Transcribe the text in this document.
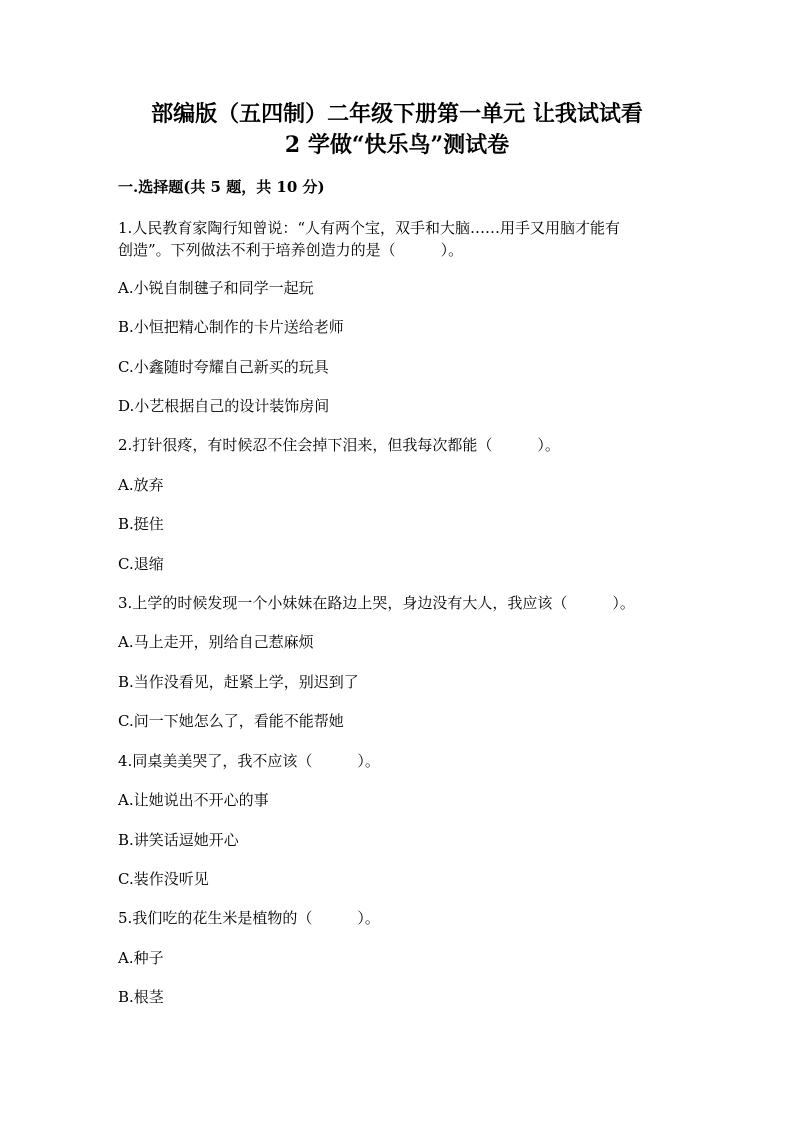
部编版（五四制）二年级下册第一单元 让我试试看
2 学做“快乐鸟”测试卷
一.选择题(共 5 题，共 10 分)
1.人民教育家陶行知曾说：“人有两个宝，双手和大脑……用手又用脑才能有
创造”。下列做法不利于培养创造力的是（　　　）。
A.小锐自制毽子和同学一起玩
B.小恒把精心制作的卡片送给老师
C.小鑫随时夸耀自己新买的玩具
D.小艺根据自己的设计装饰房间
2.打针很疼，有时候忍不住会掉下泪来，但我每次都能（　　　）。
A.放弃
B.挺住
C.退缩
3.上学的时候发现一个小妹妹在路边上哭，身边没有大人，我应该（　　　）。
A.马上走开，别给自己惹麻烦
B.当作没看见，赶紧上学，别迟到了
C.问一下她怎么了，看能不能帮她
4.同桌美美哭了，我不应该（　　　）。
A.让她说出不开心的事
B.讲笑话逗她开心
C.装作没听见
5.我们吃的花生米是植物的（　　　）。
A.种子
B.根茎
